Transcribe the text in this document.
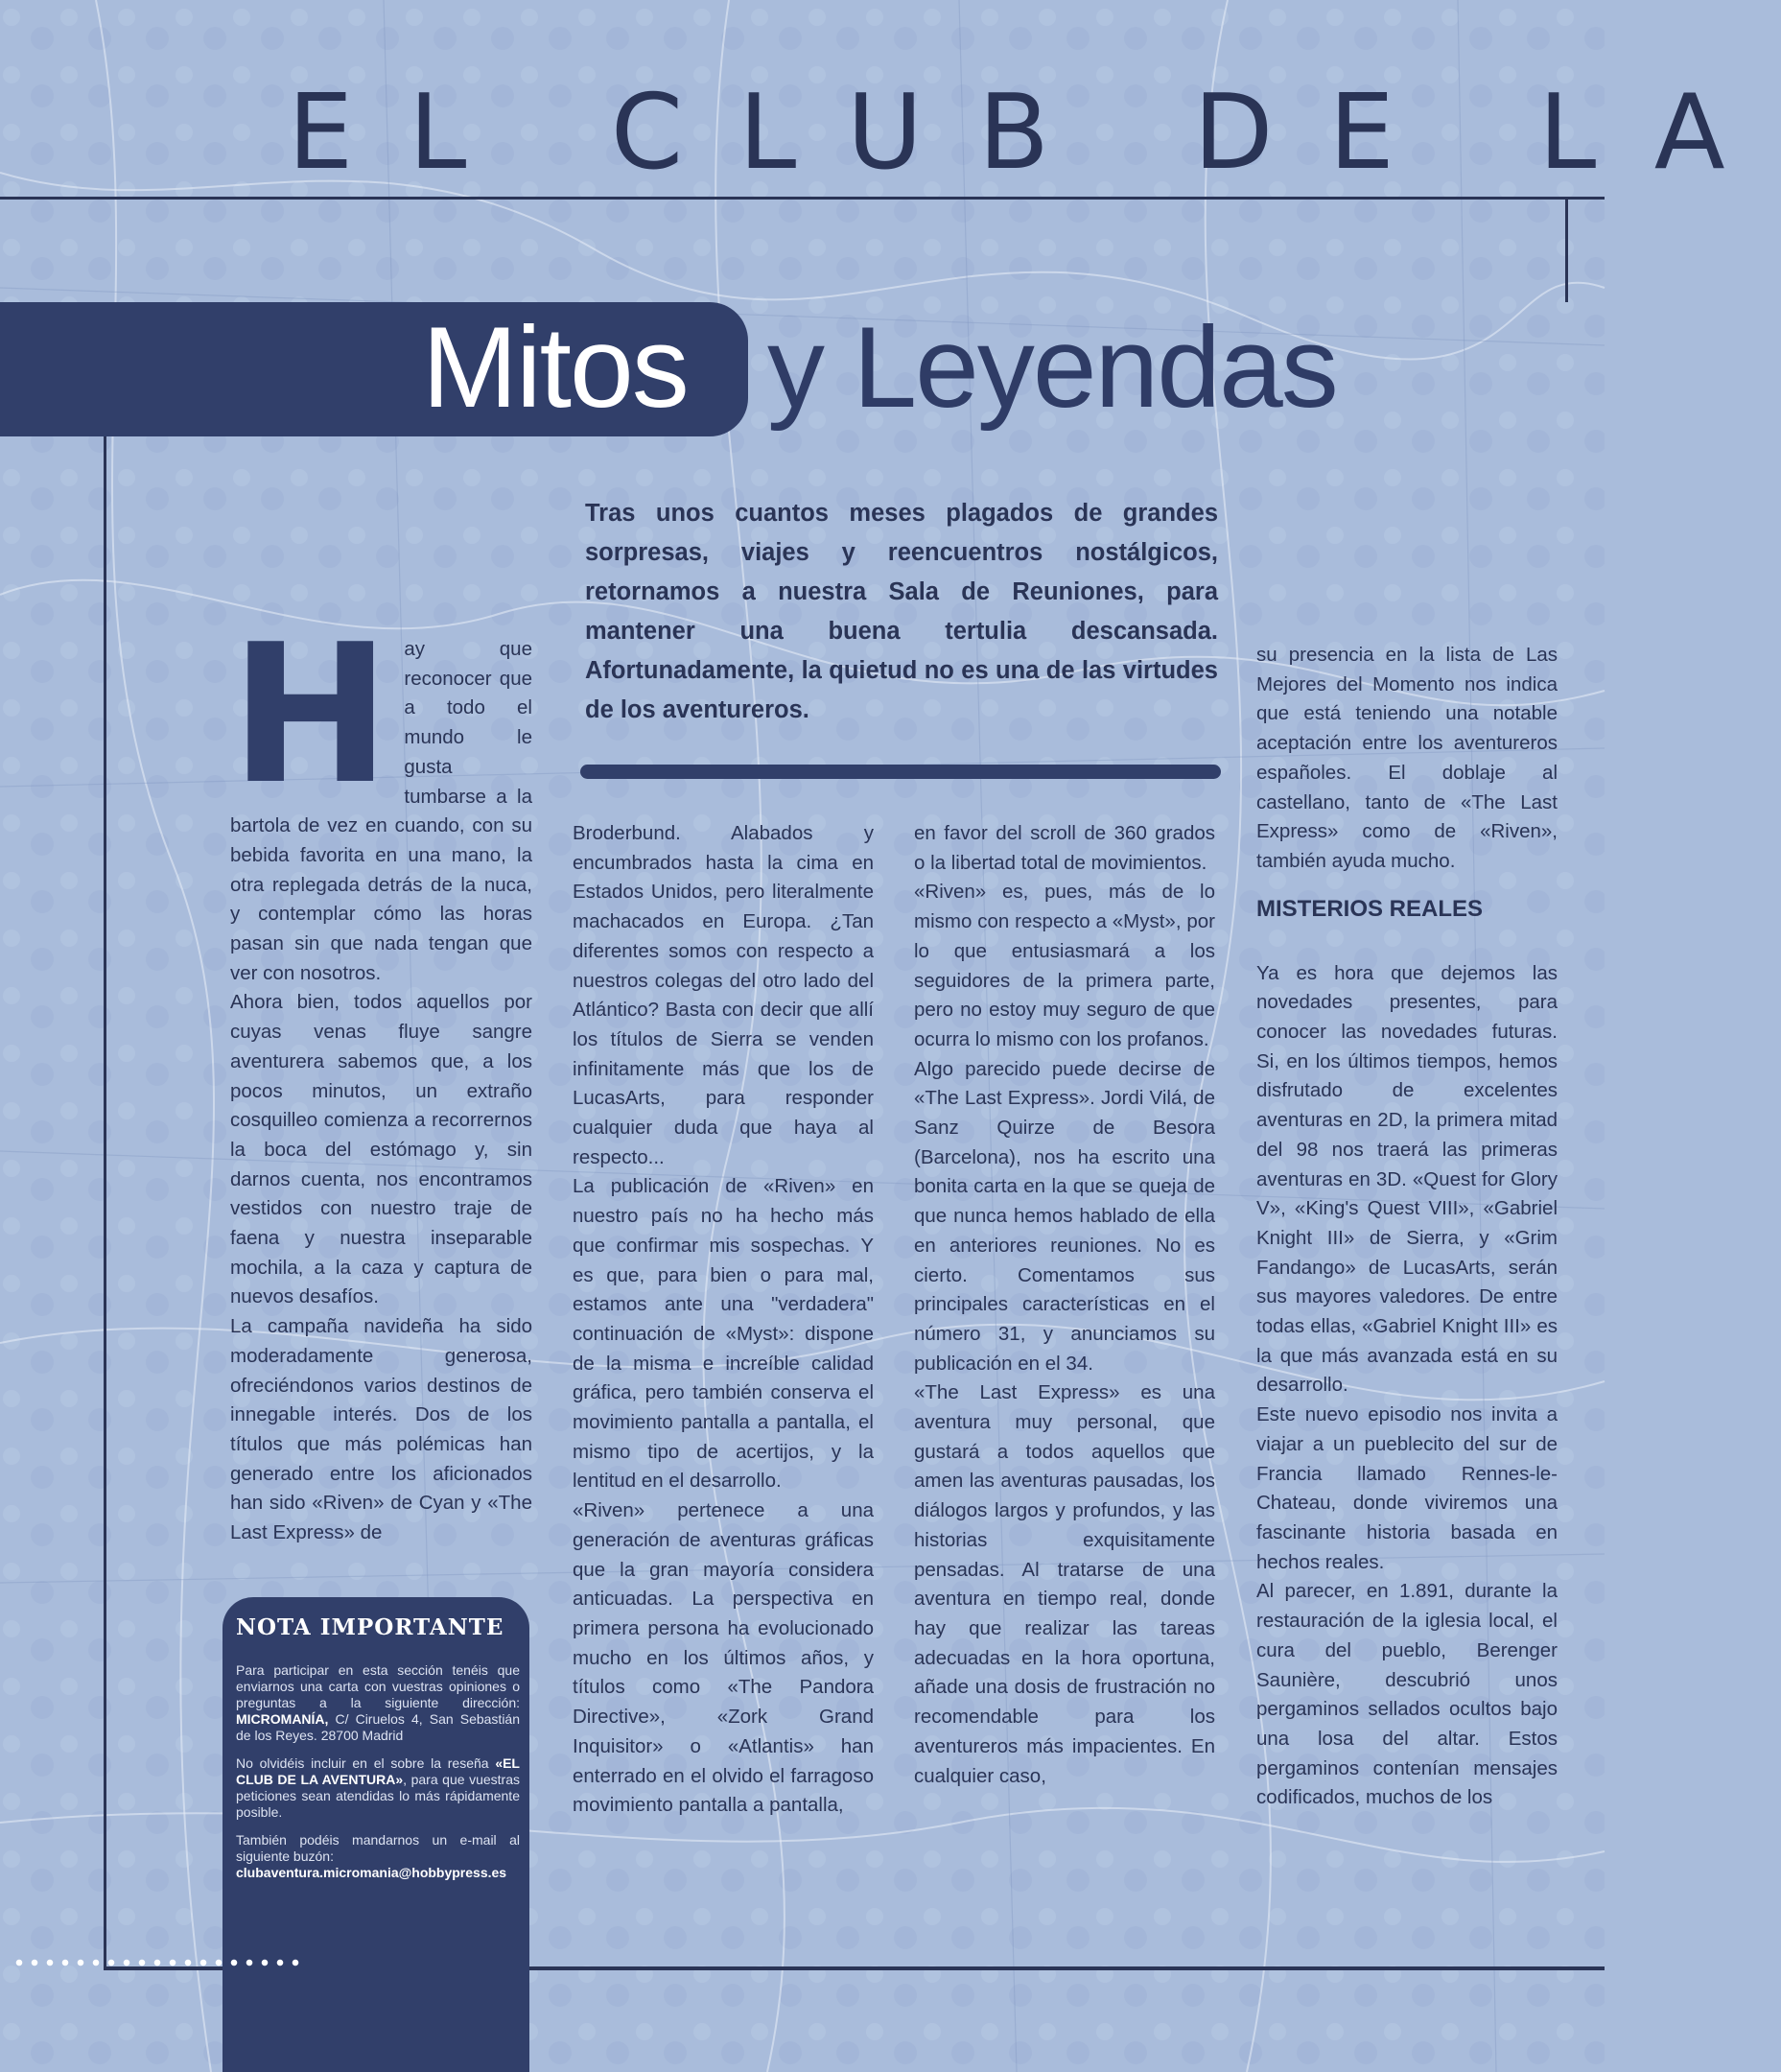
EL CLUB DE LA
Mitos y Leyendas
Tras unos cuantos meses plagados de grandes sorpresas, viajes y reencuentros nostálgicos, retornamos a nuestra Sala de Reuniones, para mantener una buena tertulia descansada. Afortunadamente, la quietud no es una de las virtudes de los aventureros.

Hay que reconocer que a todo el mundo le gusta tumbarse a la bartola de vez en cuando, con su bebida favorita en una mano, la otra replegada detrás de la nuca, y contemplar cómo las horas pasan sin que nada tengan que ver con nosotros.

Ahora bien, todos aquellos por cuyas venas fluye sangre aventurera sabemos que, a los pocos minutos, un extraño cosquilleo comienza a recorrernos la boca del estómago y, sin darnos cuenta, nos encontramos vestidos con nuestro traje de faena y nuestra inseparable mochila, a la caza y captura de nuevos desafíos.

La campaña navideña ha sido moderadamente generosa, ofreciéndonos varios destinos de innegable interés. Dos de los títulos que más polémicas han generado entre los aficionados han sido «Riven» de Cyan y «The Last Express» de

Broderbund. Alabados y encumbrados hasta la cima en Estados Unidos, pero literalmente machacados en Europa. ¿Tan diferentes somos con respecto a nuestros colegas del otro lado del Atlántico? Basta con decir que allí los títulos de Sierra se venden infinitamente más que los de LucasArts, para responder cualquier duda que haya al respecto...

La publicación de «Riven» en nuestro país no ha hecho más que confirmar mis sospechas. Y es que, para bien o para mal, estamos ante una "verdadera" continuación de «Myst»: dispone de la misma e increíble calidad gráfica, pero también conserva el movimiento pantalla a pantalla, el mismo tipo de acertijos, y la lentitud en el desarrollo.

«Riven» pertenece a una generación de aventuras gráficas que la gran mayoría considera anticuadas. La perspectiva en primera persona ha evolucionado mucho en los últimos años, y títulos como «The Pandora Directive», «Zork Grand Inquisitor» o «Atlantis» han enterrado en el olvido el farragoso movimiento pantalla a pantalla,

en favor del scroll de 360 grados o la libertad total de movimientos.

«Riven» es, pues, más de lo mismo con respecto a «Myst», por lo que entusiasmará a los seguidores de la primera parte, pero no estoy muy seguro de que ocurra lo mismo con los profanos.

Algo parecido puede decirse de «The Last Express». Jordi Vilá, de Sanz Quirze de Besora (Barcelona), nos ha escrito una bonita carta en la que se queja de que nunca hemos hablado de ella en anteriores reuniones. No es cierto. Comentamos sus principales características en el número 31, y anunciamos su publicación en el 34.

«The Last Express» es una aventura muy personal, que gustará a todos aquellos que amen las aventuras pausadas, los diálogos largos y profundos, y las historias exquisitamente pensadas. Al tratarse de una aventura en tiempo real, donde hay que realizar las tareas adecuadas en la hora oportuna, añade una dosis de frustración no recomendable para los aventureros más impacientes. En cualquier caso,

su presencia en la lista de Las Mejores del Momento nos indica que está teniendo una notable aceptación entre los aventureros españoles. El doblaje al castellano, tanto de «The Last Express» como de «Riven», también ayuda mucho.

MISTERIOS REALES

Ya es hora que dejemos las novedades presentes, para conocer las novedades futuras. Si, en los últimos tiempos, hemos disfrutado de excelentes aventuras en 2D, la primera mitad del 98 nos traerá las primeras aventuras en 3D. «Quest for Glory V», «King's Quest VIII», «Gabriel Knight III» de Sierra, y «Grim Fandango» de LucasArts, serán sus mayores valedores. De entre todas ellas, «Gabriel Knight III» es la que más avanzada está en su desarrollo.

Este nuevo episodio nos invita a viajar a un pueblecito del sur de Francia llamado Rennes-le-Chateau, donde viviremos una fascinante historia basada en hechos reales.

Al parecer, en 1.891, durante la restauración de la iglesia local, el cura del pueblo, Berenger Saunière, descubrió unos pergaminos sellados ocultos bajo una losa del altar. Estos pergaminos contenían mensajes codificados, muchos de los

NOTA IMPORTANTE

Para participar en esta sección tenéis que enviarnos una carta con vuestras opiniones o preguntas a la siguiente dirección: MICROMANÍA, C/ Ciruelos 4, San Sebastián de los Reyes. 28700 Madrid

No olvidéis incluir en el sobre la reseña «EL CLUB DE LA AVENTURA», para que vuestras peticiones sean atendidas lo más rápidamente posible.

También podéis mandarnos un e-mail al siguiente buzón:
clubaventura.micromania@hobbypress.es
